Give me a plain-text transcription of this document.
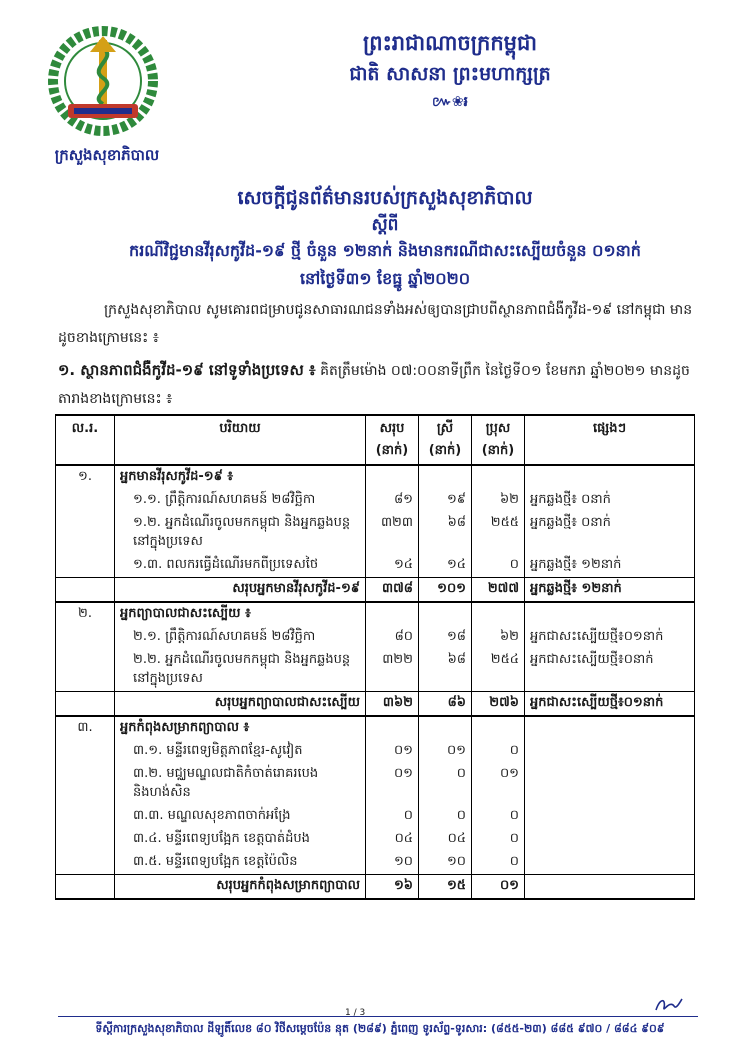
ក្រសួងសុខាភិបាល
ព្រះរាជាណាចក្រកម្ពុជា
ជាតិ សាសនា ព្រះមហាក្សត្រ
៚❀៛
សេចក្តីជូនព័ត៌មានរបស់ក្រសួងសុខាភិបាល
ស្តីពី
ករណីវិជ្ជមានវីរុសកូវីដ-១៩ ថ្មី ចំនួន ១២នាក់ និងមានករណីជាសះស្បើយចំនួន ០១នាក់
នៅថ្ងៃទី៣១ ខែធ្នូ ឆ្នាំ២០២០
ក្រសួងសុខាភិបាល សូមគោរពជម្រាបជូនសាធារណជនទាំងអស់ឲ្យបានជ្រាបពីស្ថានភាពជំងឺកូវីដ-១៩ នៅកម្ពុជា មានដូចខាងក្រោមនេះ ៖
១. ស្ថានភាពជំងឺកូវីដ-១៩ នៅទូទាំងប្រទេស ៖ គិតត្រឹមម៉ោង ០៧:០០នាទីព្រឹក នៃថ្ងៃទី០១ ខែមករា ឆ្នាំ២០២១ មានដូចតារាងខាងក្រោមនេះ ៖
ល.រ.	បរិយាយ	សរុប (នាក់)	ស្រី (នាក់)	ប្រុស (នាក់)	ផ្សេងៗ
១.	អ្នកមានវីរុសកូវីដ-១៩ ៖				
	១.១. ព្រឹត្តិការណ៍សហគមន៍ ២៨វិច្ឆិកា	៨១	១៩	៦២	អ្នកឆ្លងថ្មី៖ ០នាក់
	១.២. អ្នកដំណើរចូលមកកម្ពុជា និងអ្នកឆ្លងបន្តនៅក្នុងប្រទេស	៣២៣	៦៨	២៥៥	អ្នកឆ្លងថ្មី៖ ០នាក់
	១.៣. ពលករធ្វើដំណើរមកពីប្រទេសថៃ	១៤	១៤	០	អ្នកឆ្លងថ្មី៖ ១២នាក់
	សរុបអ្នកមានវីរុសកូវីដ-១៩	៣៧៨	១០១	២៧៧	អ្នកឆ្លងថ្មី៖ ១២នាក់
២.	អ្នកព្យាបាលជាសះស្បើយ ៖				
	២.១. ព្រឹត្តិការណ៍សហគមន៍ ២៨វិច្ឆិកា	៨០	១៨	៦២	អ្នកជាសះស្បើយថ្មី៖០១នាក់
	២.២. អ្នកដំណើរចូលមកកម្ពុជា និងអ្នកឆ្លងបន្តនៅក្នុងប្រទេស	៣២២	៦៨	២៥៤	អ្នកជាសះស្បើយថ្មី៖០នាក់
	សរុបអ្នកព្យាបាលជាសះស្បើយ	៣៦២	៨៦	២៧៦	អ្នកជាសះស្បើយថ្មី៖០១នាក់
៣.	អ្នកកំពុងសម្រាកព្យាបាល ៖				
	៣.១. មន្ទីរពេទ្យមិត្តភាពខ្មែរ-សូវៀត	០១	០១	០	
	៣.២. មជ្ឈមណ្ឌលជាតិកំចាត់រោគរបេង និងហង់សិន	០១	០	០១	
	៣.៣. មណ្ឌលសុខភាពចាក់អង្រែ	០	០	០	
	៣.៤. មន្ទីរពេទ្យបង្អែក ខេត្តបាត់ដំបង	០៤	០៤	០	
	៣.៥. មន្ទីរពេទ្យបង្អែក ខេត្តប៉ៃលិន	១០	១០	០	
	សរុបអ្នកកំពុងសម្រាកព្យាបាល	១៦	១៥	០១	
1 / 3
ទីស្តីការក្រសួងសុខាភិបាល ដីឡូតិ៍លេខ ៨០ វិថីសម្តេចប៉ែន នុត (២៨៩) ភ្នំពេញ ទូរស័ព្ទ-ទូរសារ: (៨៥៥-២៣) ៨៨៥ ៩៧០ / ៨៨៤ ៩០៩
